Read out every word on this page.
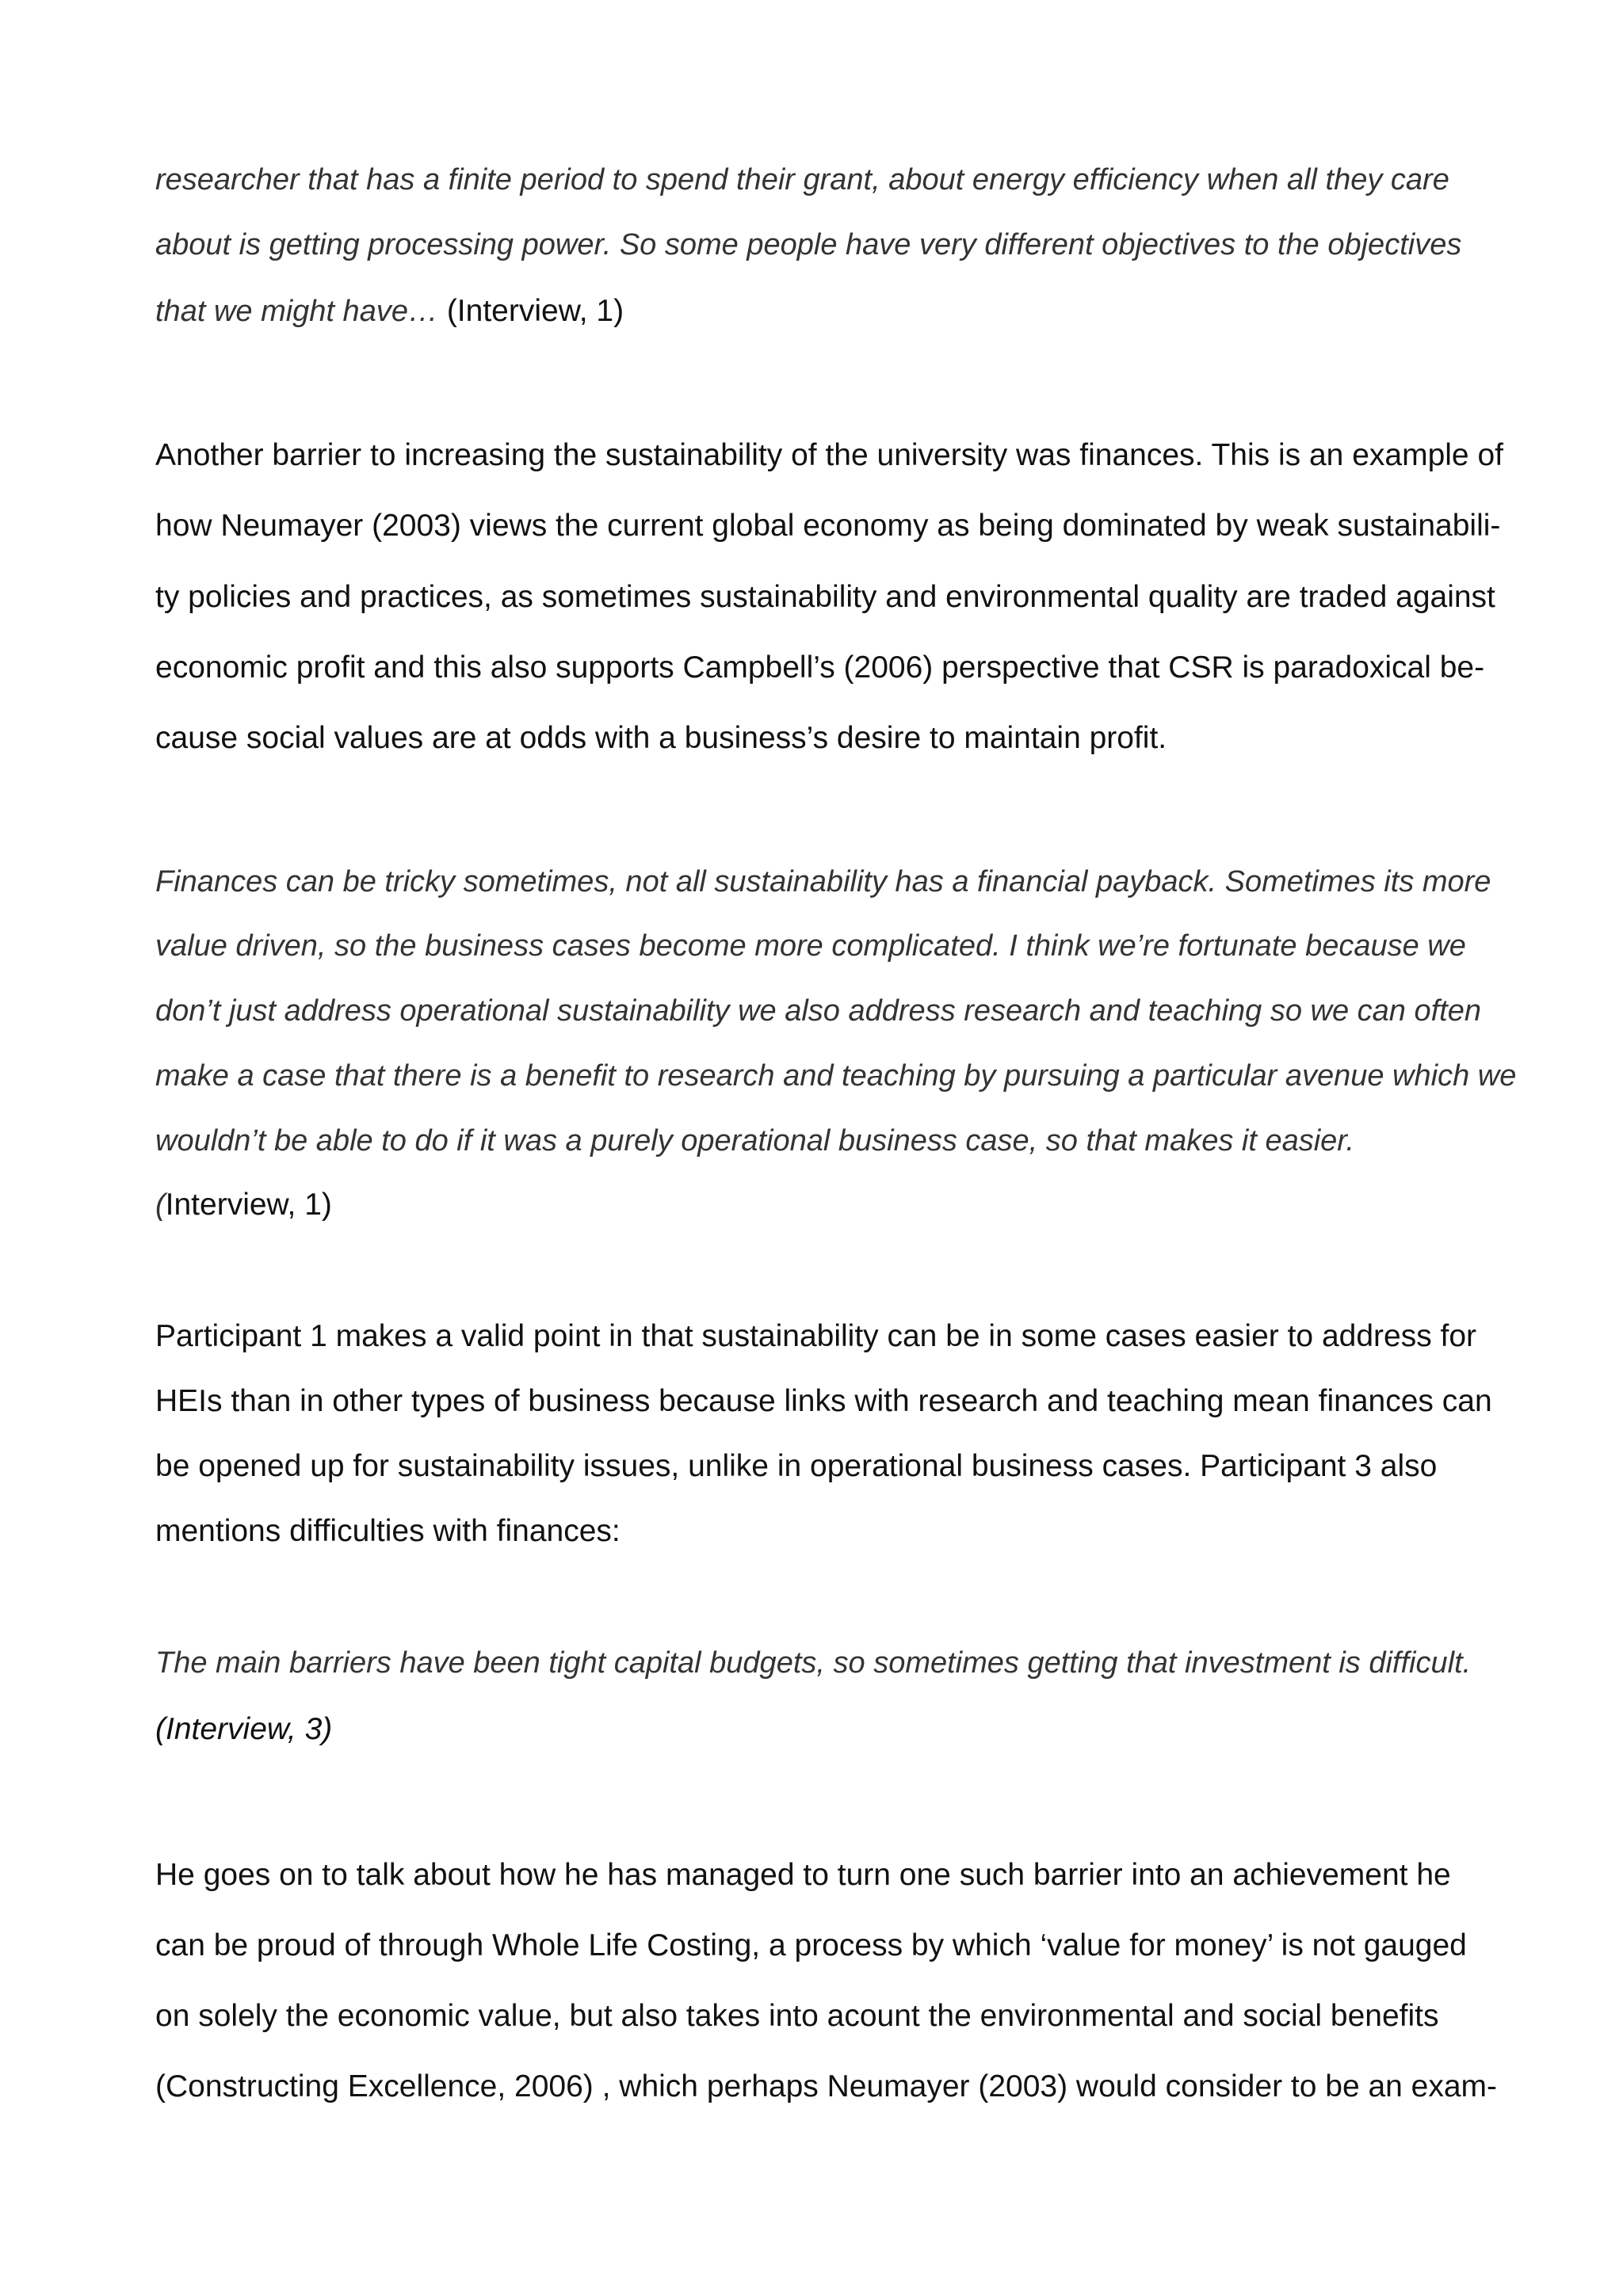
researcher that has a finite period to spend their grant, about energy efficiency when all they care
about is getting processing power. So some people have very different objectives to the objectives
that we might have… (Interview, 1)
Another barrier to increasing the sustainability of the university was finances. This is an example of
how Neumayer (2003) views the current global economy as being dominated by weak sustainabili-
ty policies and practices, as sometimes sustainability and environmental quality are traded against
economic profit and this also supports Campbell’s (2006) perspective that CSR is paradoxical be-
cause social values are at odds with a business’s desire to maintain profit.
Finances can be tricky sometimes, not all sustainability has a financial payback. Sometimes its more
value driven, so the business cases become more complicated. I think we’re fortunate because we
don’t just address operational sustainability we also address research and teaching so we can often
make a case that there is a benefit to research and teaching by pursuing a particular avenue which we
wouldn’t be able to do if it was a purely operational business case, so that makes it easier.
(Interview, 1)
Participant 1 makes a valid point in that sustainability can be in some cases easier to address for
HEIs than in other types of business because links with research and teaching mean finances can
be opened up for sustainability issues, unlike in operational business cases. Participant 3 also
mentions difficulties with finances:
The main barriers have been tight capital budgets, so sometimes getting that investment is difficult.
(Interview, 3)
He goes on to talk about how he has managed to turn one such barrier into an achievement he
can be proud of through Whole Life Costing, a process by which ‘value for money’ is not gauged
on solely the economic value, but also takes into acount the environmental and social benefits
(Constructing Excellence, 2006) , which perhaps Neumayer (2003) would consider to be an exam-
